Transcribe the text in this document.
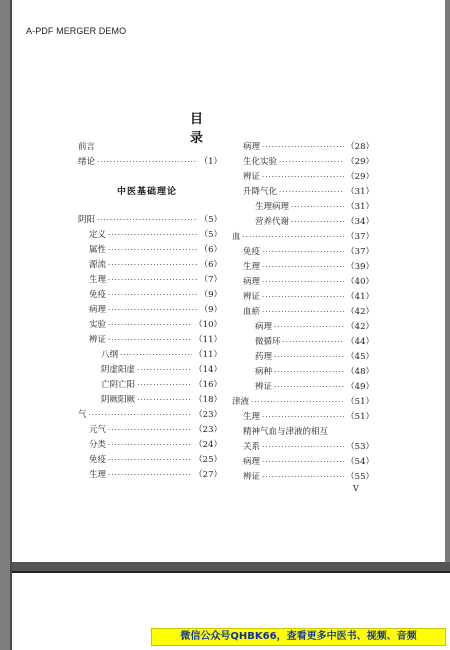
A-PDF MERGER DEMO
目 录
中医基础理论
V
前言
绪论 ·····	（1）
阴阳 ·····	（5）
定义 ·····	（5）
属性 ·····	（6）
源流 ·····	（6）
生理 ·····	（7）
免疫 ·····	（9）
病理 ·····	（9）
实验 ·····	（10）
辨证 ·····	（11）
八纲 ·····	（11）
阴虚阳虚 ·····	（14）
亡阴亡阳 ·····	（16）
阴厥阳厥 ·····	（18）
气 ·····	（23）
元气 ·····	（23）
分类 ·····	（24）
免疫 ·····	（25）
生理 ·····	（27）
病理 ·····	（28）
生化实验 ·····	（29）
辨证 ·····	（29）
升降气化 ·····	（31）
生理病理 ·····	（31）
营养代谢 ·····	（34）
血 ·····	（37）
免疫 ·····	（37）
生理 ·····	（39）
病理 ·····	（40）
辨证 ·····	（41）
血瘀 ·····	（42）
病理 ·····	（42）
微循环 ·····	（44）
药理 ·····	（45）
病种 ·····	（48）
辨证 ·····	（49）
津液 ·····	（51）
生理 ·····	（51）
精神气血与津液的相互
关系 ·····	（53）
病理 ·····	（54）
辨证 ·····	（55）
微信公众号QHBK66，查看更多中医书、视频、音频
